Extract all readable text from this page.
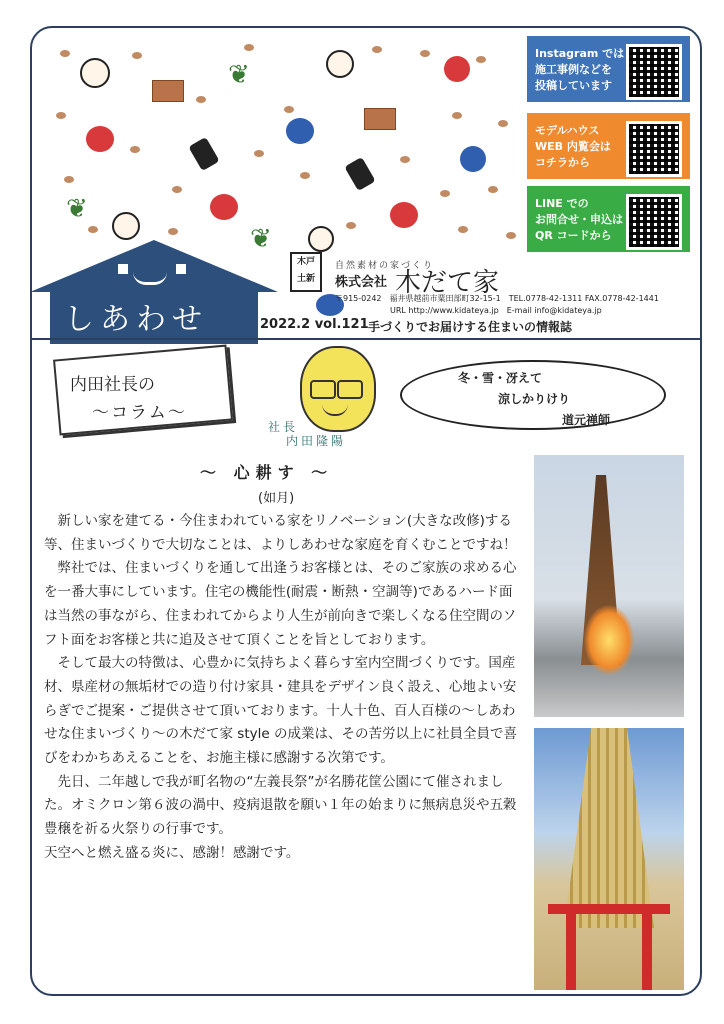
❦
❦
❦
しあわせ
Instagram では
施工事例などを
投稿しています
モデルハウス
WEB 内覧会は
コチラから
LINE での
お問合せ・申込は
QR コードから
木戸
土新
自然素材の家づくり
株式会社 木だて家
〒915-0242　福井県越前市粟田部町32-15-1　TEL.0778-42-1311 FAX.0778-42-1441
URL http://www.kidateya.jp　E-mail info@kidateya.jp
2022.2 vol.121 手づくりでお届けする住まいの情報誌
内田社長の
～コラム～
社長
内田隆陽
冬・雪・冴えて
涼しかりけり
道元禅師
～ 心耕す ～
(如月)

　新しい家を建てる・今住まわれている家をリノベーション(大きな改修)する等、住まいづくりで大切なことは、よりしあわせな家庭を育くむことですね！

　弊社では、住まいづくりを通して出逢うお客様とは、そのご家族の求める心を一番大事にしています。住宅の機能性(耐震・断熱・空調等)であるハード面は当然の事ながら、住まわれてからより人生が前向きで楽しくなる住空間のソフト面をお客様と共に追及させて頂くことを旨としております。

　そして最大の特徴は、心豊かに気持ちよく暮らす室内空間づくりです。国産材、県産材の無垢材での造り付け家具・建具をデザイン良く設え、心地よい安らぎでご提案・ご提供させて頂いております。十人十色、百人百様の～しあわせな住まいづくり～の木だて家 style の成業は、その苦労以上に社員全員で喜びをわかちあえることを、お施主様に感謝する次第です。

　先日、二年越しで我が町名物の“左義長祭”が名勝花筐公園にて催されました。オミクロン第６波の渦中、疫病退散を願い１年の始まりに無病息災や五穀豊穣を祈る火祭りの行事です。

天空へと燃え盛る炎に、感謝！感謝です。
